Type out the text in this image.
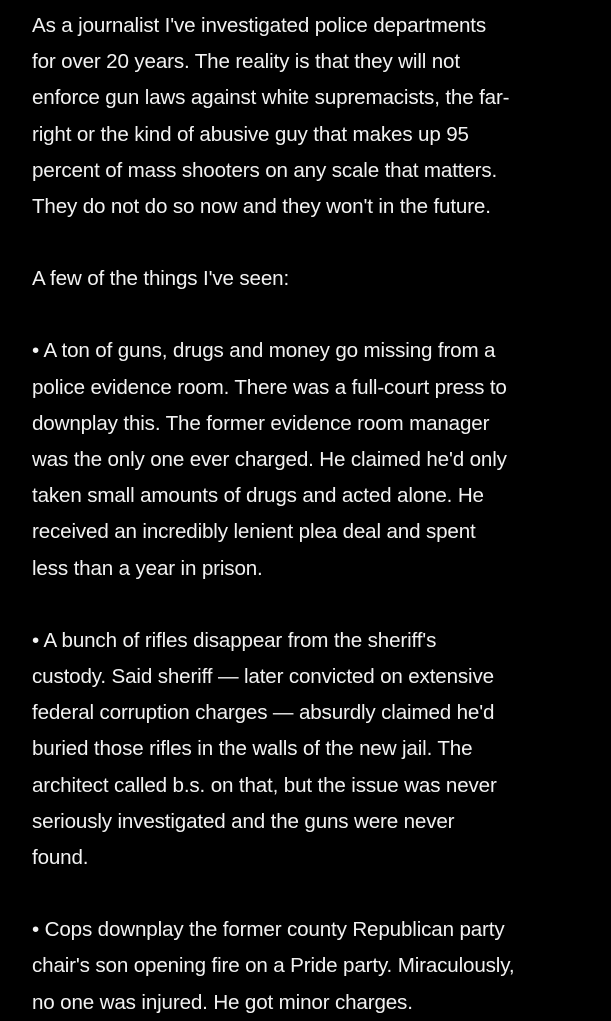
As a journalist I've investigated police departments
for over 20 years. The reality is that they will not
enforce gun laws against white supremacists, the far-
right or the kind of abusive guy that makes up 95
percent of mass shooters on any scale that matters.
They do not do so now and they won't in the future.

A few of the things I've seen:

• A ton of guns, drugs and money go missing from a
police evidence room. There was a full-court press to
downplay this. The former evidence room manager
was the only one ever charged. He claimed he'd only
taken small amounts of drugs and acted alone. He
received an incredibly lenient plea deal and spent
less than a year in prison.

• A bunch of rifles disappear from the sheriff's
custody. Said sheriff — later convicted on extensive
federal corruption charges — absurdly claimed he'd
buried those rifles in the walls of the new jail. The
architect called b.s. on that, but the issue was never
seriously investigated and the guns were never
found.

• Cops downplay the former county Republican party
chair's son opening fire on a Pride party. Miraculously,
no one was injured. He got minor charges.
